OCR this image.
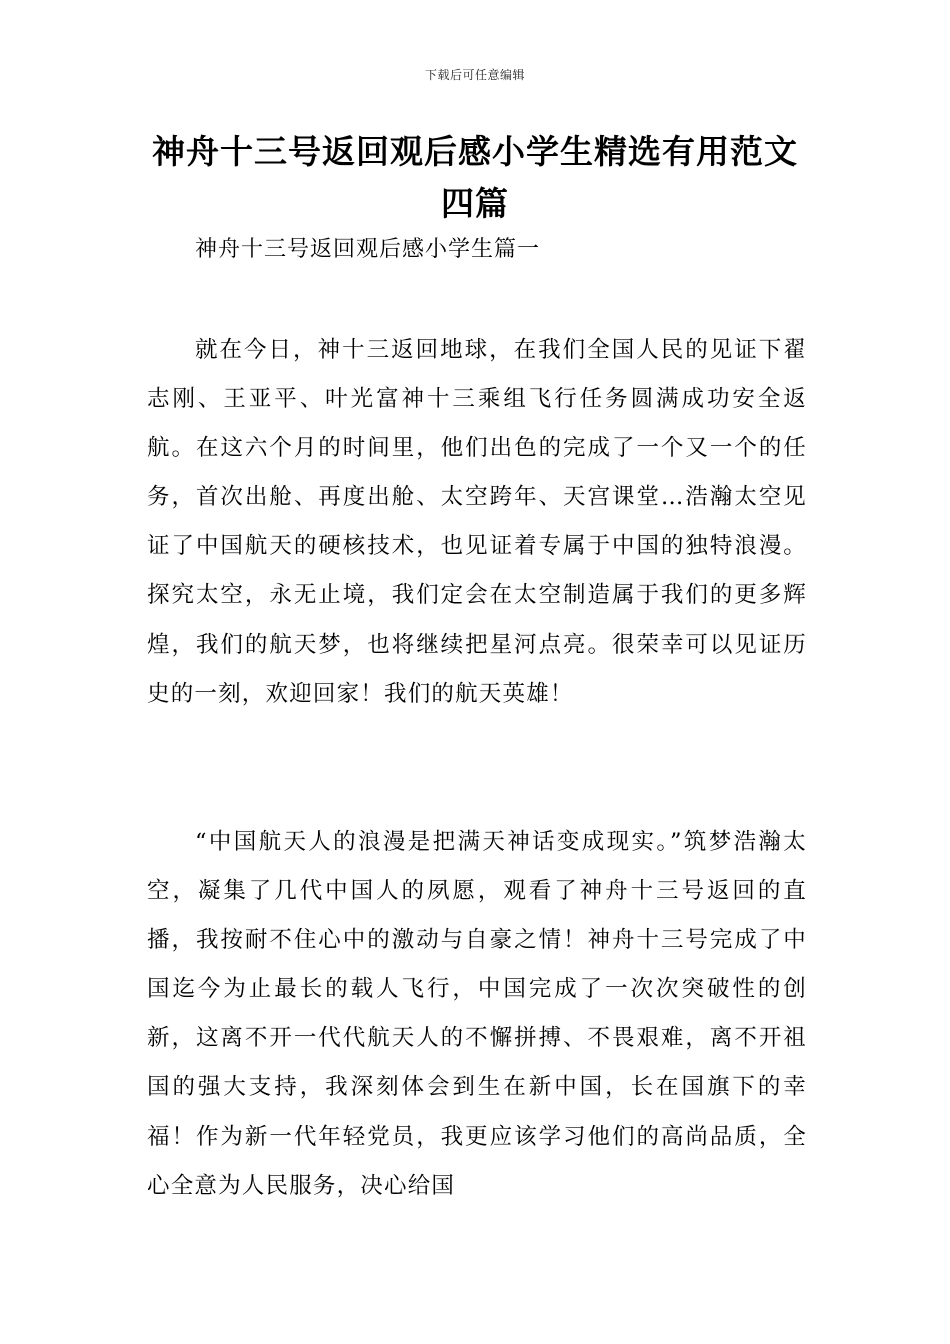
下载后可任意编辑
神舟十三号返回观后感小学生精选有用范文四篇
神舟十三号返回观后感小学生篇一

就在今日，神十三返回地球，在我们全国人民的见证下翟志刚、王亚平、叶光富神十三乘组飞行任务圆满成功安全返航。在这六个月的时间里，他们出色的完成了一个又一个的任务，首次出舱、再度出舱、太空跨年、天宫课堂…浩瀚太空见证了中国航天的硬核技术，也见证着专属于中国的独特浪漫。探究太空，永无止境，我们定会在太空制造属于我们的更多辉煌，我们的航天梦，也将继续把星河点亮。很荣幸可以见证历史的一刻，欢迎回家！我们的航天英雄！

“中国航天人的浪漫是把满天神话变成现实。”筑梦浩瀚太空，凝集了几代中国人的夙愿，观看了神舟十三号返回的直播，我按耐不住心中的激动与自豪之情！神舟十三号完成了中国迄今为止最长的载人飞行，中国完成了一次次突破性的创新，这离不开一代代航天人的不懈拼搏、不畏艰难，离不开祖国的强大支持，我深刻体会到生在新中国，长在国旗下的幸福！作为新一代年轻党员，我更应该学习他们的高尚品质，全心全意为人民服务，决心给国
